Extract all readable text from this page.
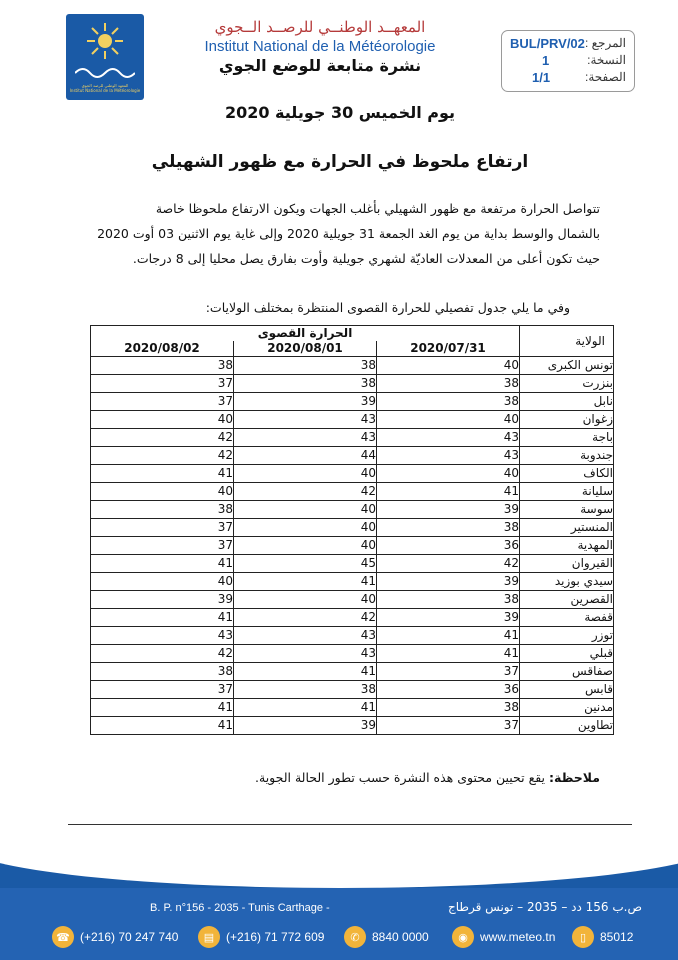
المعهد الوطني للرصد الجوي
Institut National de la Météorologie
المعهــد الوطنــي للرصــد الــجوي
Institut National de la Météorologie
نشرة متابعة للوضع الجوي
المرجع :
BUL/PRV/02
النسخة:
1
الصفحة:
1/1
يوم الخميس 30 جويلية 2020
ارتفاع ملحوظ في الحرارة مع ظهور الشهيلي
تتواصل الحرارة مرتفعة مع ظهور الشهيلي بأغلب الجهات ويكون الارتفاع ملحوظا خاصة
بالشمال والوسط بداية من يوم الغد الجمعة 31 جويلية 2020 وإلى غاية يوم الاثنين 03 أوت 2020
حيث تكون أعلى من المعدلات العاديّة لشهري جويلية وأوت بفارق يصل محليا إلى 8 درجات.
وفي ما يلي جدول تفصيلي للحرارة القصوى المنتظرة بمختلف الولايات:
الولاية	الحرارة القصوى		
	2020/07/31	2020/08/01	2020/08/02
تونس الكبرى	40	38	38
بنزرت	38	38	37
نابل	38	39	37
زغوان	40	43	40
باجة	43	43	42
جندوبة	43	44	42
الكاف	40	40	41
سليانة	41	42	40
سوسة	39	40	38
المنستير	38	40	37
المهدية	36	40	37
القيروان	42	45	41
سيدي بوزيد	39	41	40
القصرين	38	40	39
قفصة	39	42	41
توزر	41	43	43
قبلي	41	43	42
صفاقس	37	41	38
قابس	36	38	37
مدنين	38	41	41
تطاوين	37	39	41
ملاحظة: يقع تحيين محتوى هذه النشرة حسب تطور الحالة الجوية.
ص.ب 156 دد – 2035 – تونس قرطاج
B. P. n°156 - 2035 - Tunis Carthage -
☎ (+216) 70 247 740	▤ (+216) 71 772 609	✆	8840 0000	◉	www.meteo.tn	▯	85012
